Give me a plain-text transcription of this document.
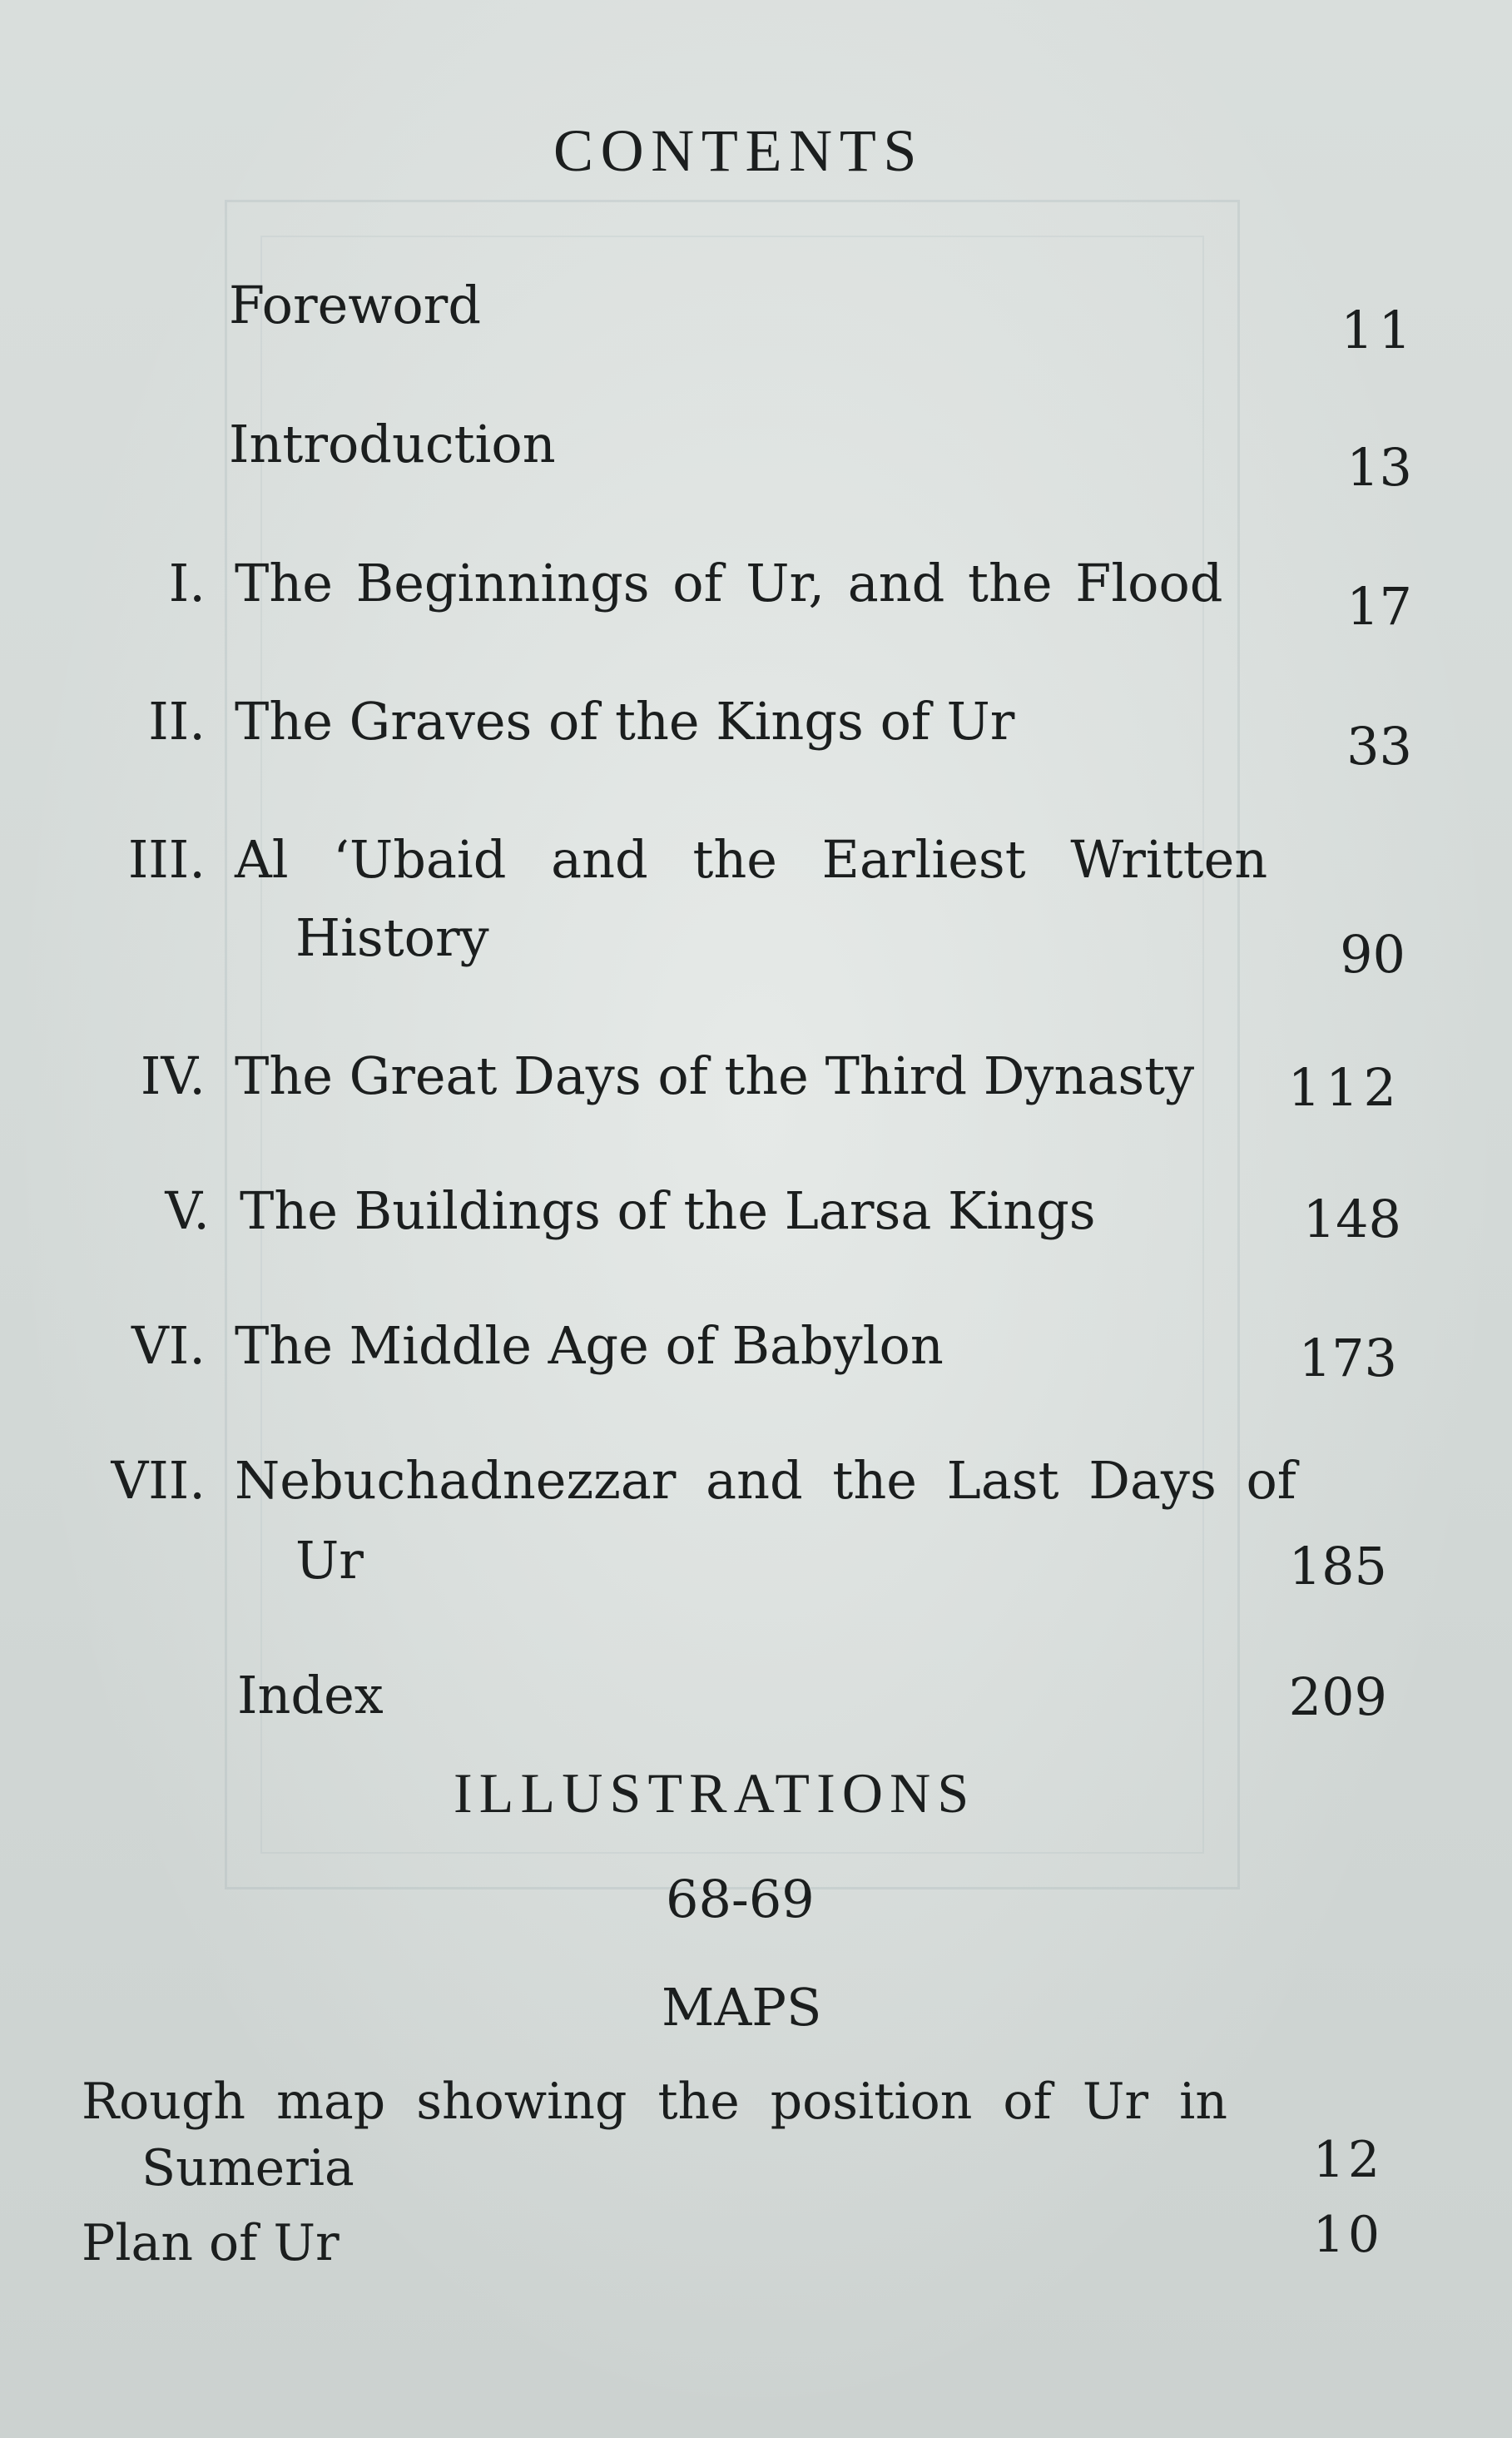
CONTENTS
Foreword	11
Introduction	13
I. The Beginnings of Ur, and the Flood 17
II. The Graves of the Kings of Ur	33
III. Al ‘Ubaid and the Earliest Written
History	90
IV. The Great Days of the Third Dynasty 112
V. The Buildings of the Larsa Kings	148
VI. The Middle Age of Babylon	173
VII. Nebuchadnezzar and the Last Days of
Ur	185
Index	209
ILLUSTRATIONS
68-69
MAPS
Rough map showing the position of Ur in
Sumeria	12
Plan of Ur	10
